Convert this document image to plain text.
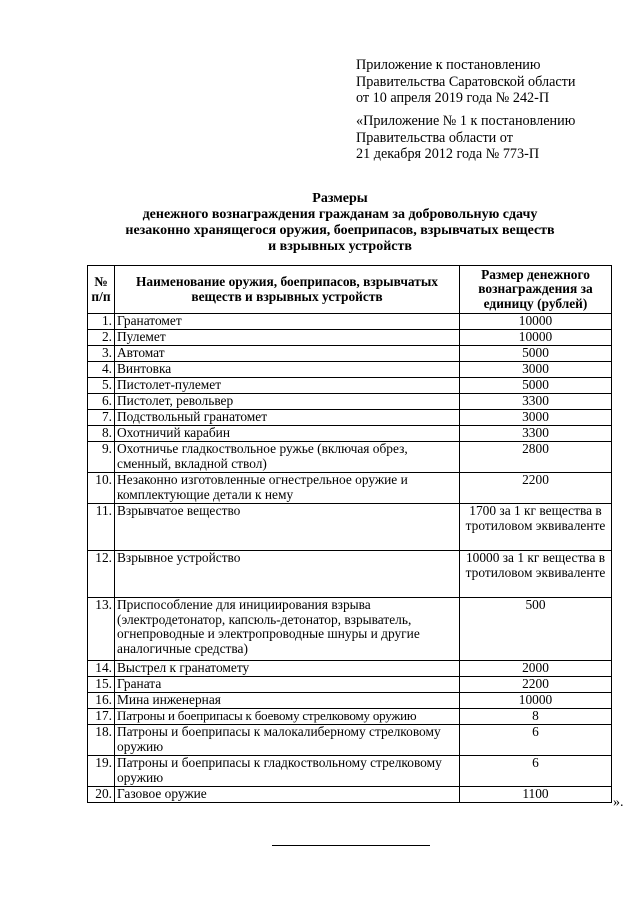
Приложение к постановлению
Правительства Саратовской области
от 10 апреля 2019 года № 242-П
«Приложение № 1 к постановлению
Правительства области от
21 декабря 2012 года № 773-П
Размеры
денежного вознаграждения гражданам за добровольную сдачу
незаконно хранящегося оружия, боеприпасов, взрывчатых веществ
и взрывных устройств
№ п/п	Наименование оружия, боеприпасов, взрывчатых веществ и взрывных устройств	Размер денежного вознаграждения за единицу (рублей)
1.	Гранатомет	10000
2.	Пулемет	10000
3.	Автомат	5000
4.	Винтовка	3000
5.	Пистолет-пулемет	5000
6.	Пистолет, револьвер	3300
7.	Подствольный гранатомет	3000
8.	Охотничий карабин	3300
9.	Охотничье гладкоствольное ружье (включая обрез, сменный, вкладной ствол)	2800
10.	Незаконно изготовленные огнестрельное оружие и комплектующие детали к нему	2200
11.	Взрывчатое вещество	1700 за 1 кг вещества в тротиловом эквиваленте
12.	Взрывное устройство	10000 за 1 кг вещества в тротиловом эквиваленте
13.	Приспособление для инициирования взрыва (электродетонатор, капсюль-детонатор, взрыватель, огнепроводные и электропроводные шнуры и другие аналогичные средства)	500
14.	Выстрел к гранатомету	2000
15.	Граната	2200
16.	Мина инженерная	10000
17.	Патроны и боеприпасы к боевому стрелковому оружию	8
18.	Патроны и боеприпасы к малокалиберному стрелковому оружию	6
19.	Патроны и боеприпасы к гладкоствольному стрелковому оружию	6
20.	Газовое оружие	1100
».
